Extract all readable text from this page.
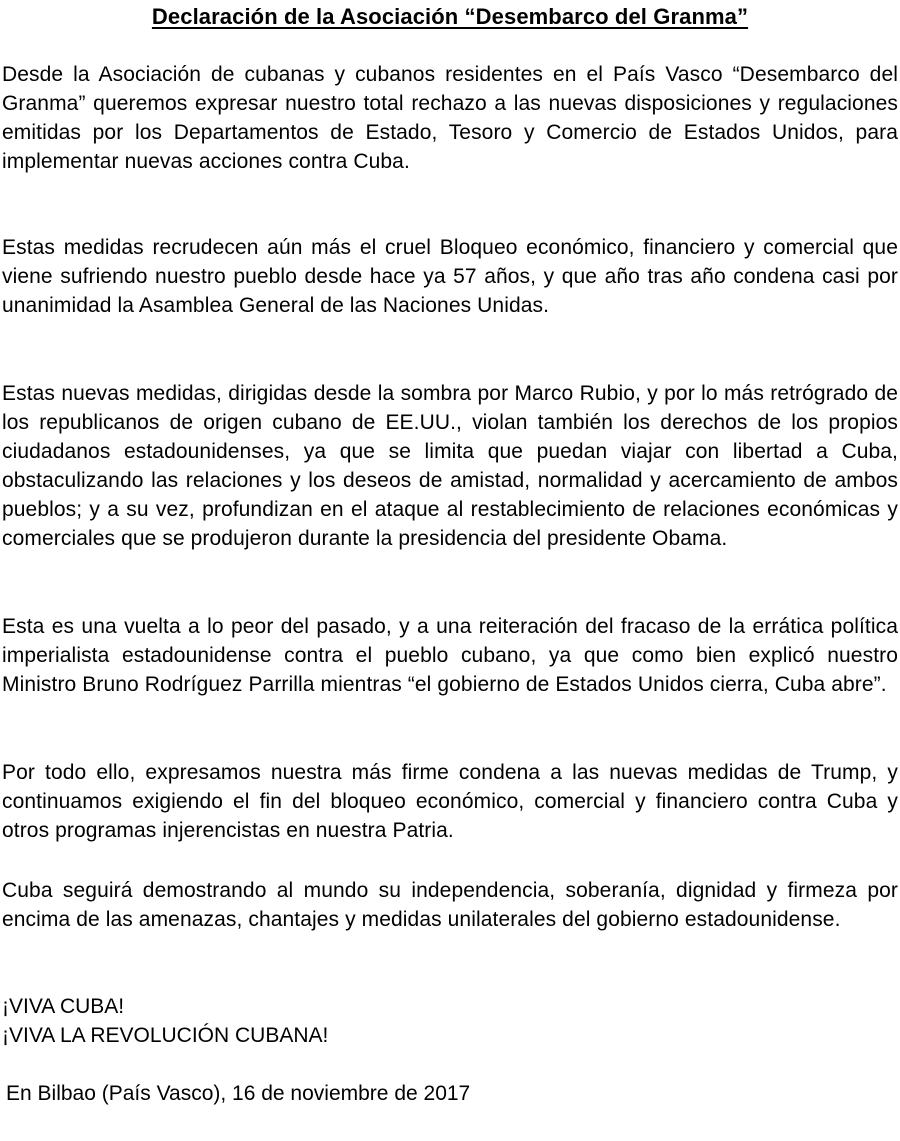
Declaración de la Asociación “Desembarco del Granma”

Desde la Asociación de cubanas y cubanos residentes en el País Vasco “Desembarco del Granma” queremos expresar nuestro total rechazo a las nuevas disposiciones y regulaciones emitidas por los Departamentos de Estado, Tesoro y Comercio de Estados Unidos, para implementar nuevas acciones contra Cuba.

Estas medidas recrudecen aún más el cruel Bloqueo económico, financiero y comercial que viene sufriendo nuestro pueblo desde hace ya 57 años, y que año tras año condena casi por unanimidad la Asamblea General de las Naciones Unidas.

Estas nuevas medidas, dirigidas desde la sombra por Marco Rubio, y por lo más retrógrado de los republicanos de origen cubano de EE.UU., violan también los derechos de los propios ciudadanos estadounidenses, ya que se limita que puedan viajar con libertad a Cuba, obstaculizando las relaciones y los deseos de amistad, normalidad y acercamiento de ambos pueblos; y a su vez, profundizan en el ataque al restablecimiento de relaciones económicas y comerciales que se produjeron durante la presidencia del presidente Obama.

Esta es una vuelta a lo peor del pasado, y a una reiteración del fracaso de la errática política imperialista estadounidense contra el pueblo cubano, ya que como bien explicó nuestro Ministro Bruno Rodríguez Parrilla mientras “el gobierno de Estados Unidos cierra, Cuba abre”.

Por todo ello, expresamos nuestra más firme condena a las nuevas medidas de Trump, y continuamos exigiendo el fin del bloqueo económico, comercial y financiero contra Cuba y otros programas injerencistas en nuestra Patria.

Cuba seguirá demostrando al mundo su independencia, soberanía, dignidad y firmeza por encima de las amenazas, chantajes y medidas unilaterales del gobierno estadounidense.

¡VIVA CUBA!

¡VIVA LA REVOLUCIÓN CUBANA!

En Bilbao (País Vasco), 16 de noviembre de 2017
